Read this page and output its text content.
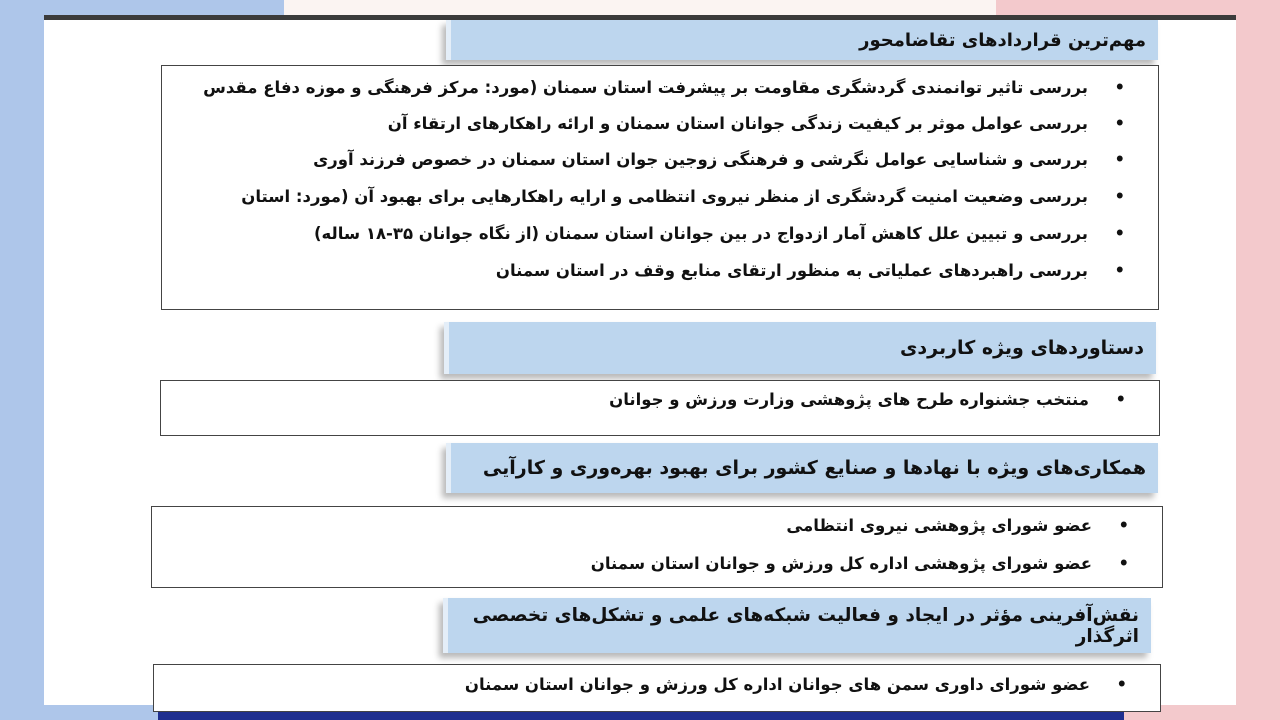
مهم‌ترین قراردادهای تقاضامحور
• بررسی تاثیر توانمندی گردشگری مقاومت بر پیشرفت استان سمنان (مورد: مرکز فرهنگی و موزه دفاع مقدس
• بررسی عوامل موثر بر کیفیت زندگی جوانان استان سمنان و ارائه راهکارهای ارتقاء آن
• بررسی و شناسایی عوامل نگرشی و فرهنگی زوجین جوان استان سمنان در خصوص فرزند آوری
• بررسی وضعیت امنیت گردشگری از منظر نیروی انتظامی و ارایه راهکارهایی برای بهبود آن (مورد: استان
• بررسی و تبیین علل کاهش آمار ازدواج در بین جوانان استان سمنان (از نگاه جوانان ۳۵-۱۸ ساله)
• بررسی راهبردهای عملیاتی به منظور ارتقای منابع وقف در استان سمنان
دستاوردهای ویژه کاربردی
• منتخب جشنواره طرح های پژوهشی وزارت ورزش و جوانان
همکاری‌های ویژه با نهادها و صنایع کشور برای بهبود بهره‌وری و کارآیی
• عضو شورای پژوهشی نیروی انتظامی
• عضو شورای پژوهشی اداره کل ورزش و جوانان استان سمنان
نقش‌آفرینی مؤثر در ایجاد و فعالیت شبکه‌های علمی و تشکل‌های تخصصی اثرگذار
• عضو شورای داوری سمن های جوانان اداره کل ورزش و جوانان استان سمنان
